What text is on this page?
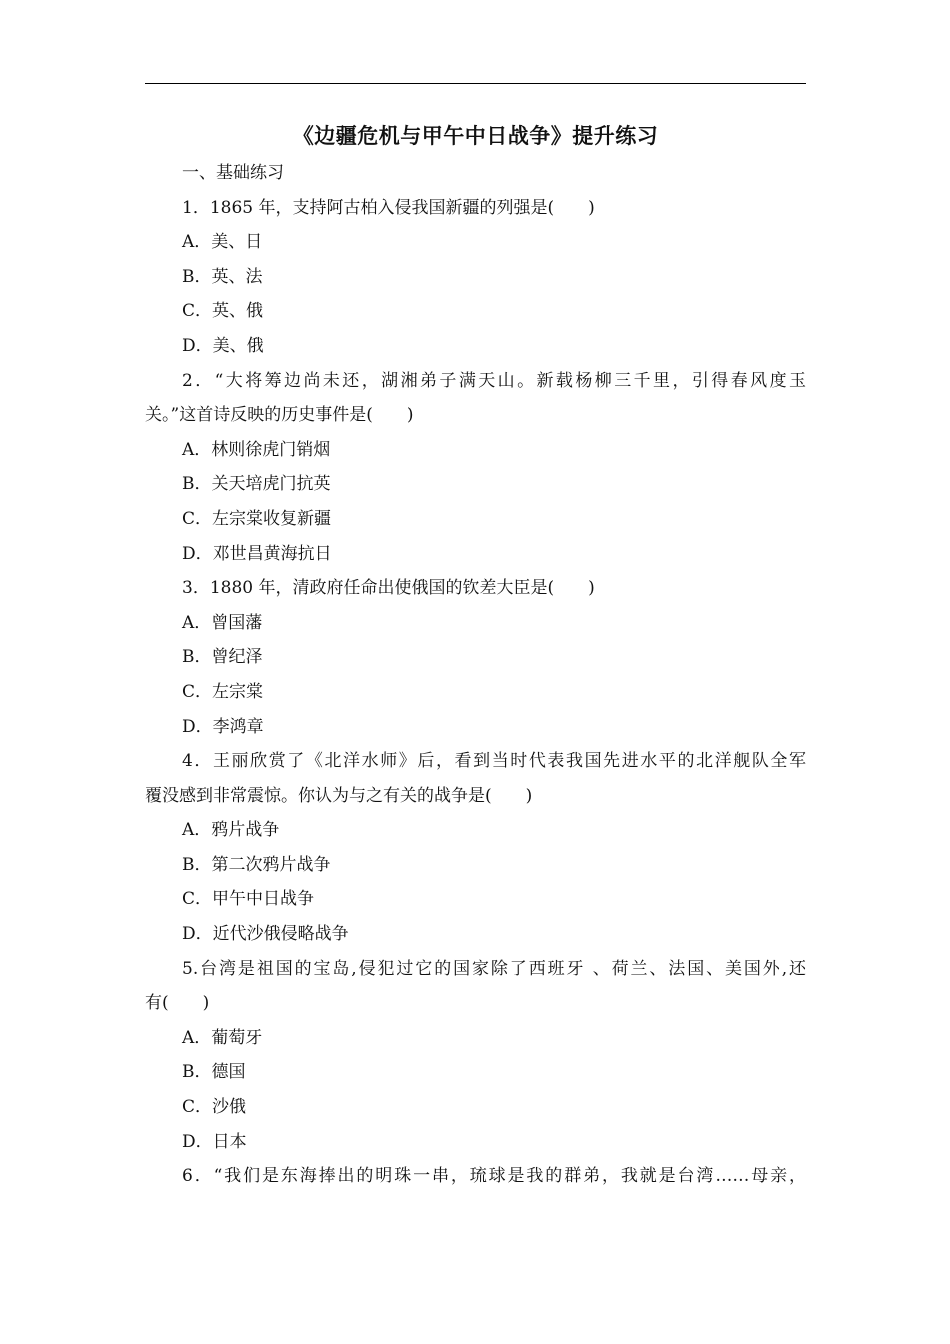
《边疆危机与甲午中日战争》提升练习
一、基础练习
1．1865 年，支持阿古柏入侵我国新疆的列强是(　　)
A．美、日
B．英、法
C．英、俄
D．美、俄
2．“大将筹边尚未还，湖湘弟子满天山。新载杨柳三千里，引得春风度玉
关。”这首诗反映的历史事件是(　　)
A．林则徐虎门销烟
B．关天培虎门抗英
C．左宗棠收复新疆
D．邓世昌黄海抗日
3．1880 年，清政府任命出使俄国的钦差大臣是(　　)
A．曾国藩
B．曾纪泽
C．左宗棠
D．李鸿章
4．王丽欣赏了《北洋水师》后，看到当时代表我国先进水平的北洋舰队全军
覆没感到非常震惊。你认为与之有关的战争是(　　)
A．鸦片战争
B．第二次鸦片战争
C．甲午中日战争
D．近代沙俄侵略战争
5.台湾是祖国的宝岛,侵犯过它的国家除了西班牙 、荷兰、法国、美国外,还
有(　　)
A．葡萄牙
B．德国
C．沙俄
D．日本
6．“我们是东海捧出的明珠一串，琉球是我的群弟，我就是台湾……母亲，
